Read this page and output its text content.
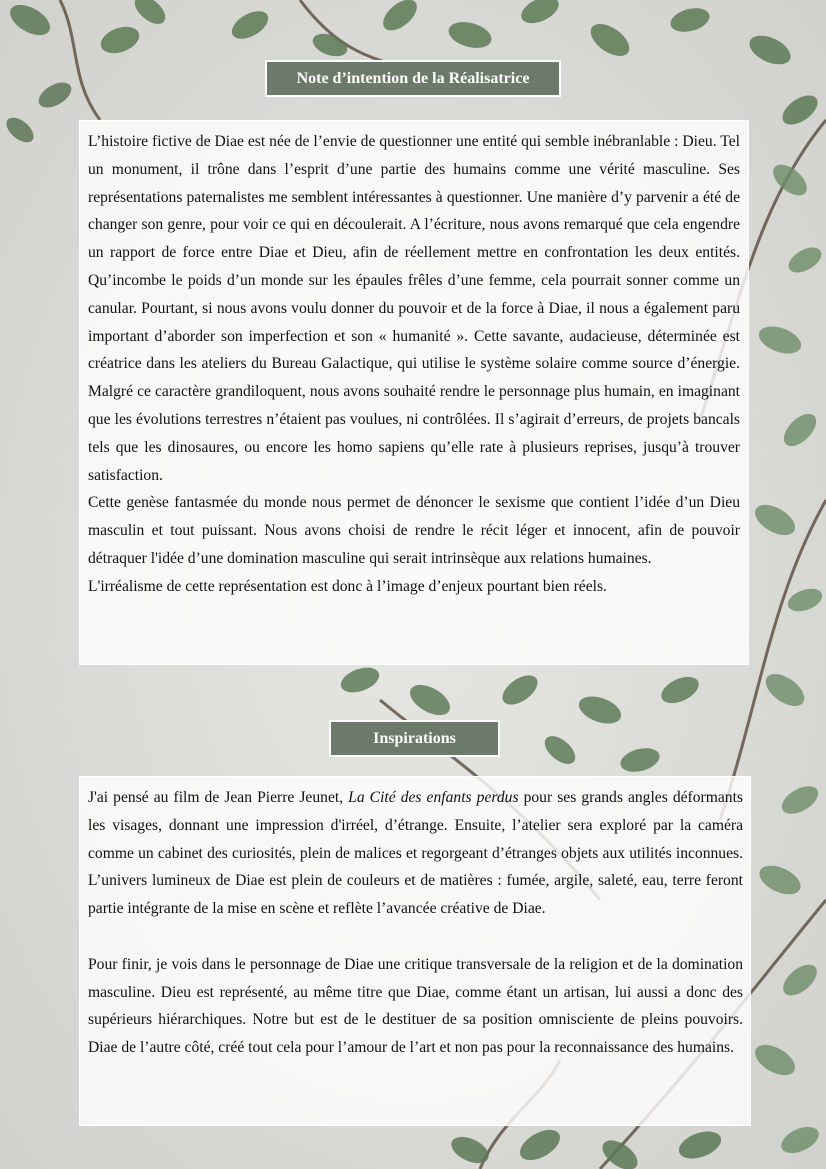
Note d’intention de la Réalisatrice

L’histoire fictive de Diae est née de l’envie de questionner une entité qui semble inébranlable : Dieu. Tel un monument, il trône dans l’esprit d’une partie des humains comme une vérité masculine. Ses représentations paternalistes me semblent intéressantes à questionner. Une manière d’y parvenir a été de changer son genre, pour voir ce qui en découlerait. A l’écriture, nous avons remarqué que cela engendre un rapport de force entre Diae et Dieu, afin de réellement mettre en confrontation les deux entités. Qu’incombe le poids d’un monde sur les épaules frêles d’une femme, cela pourrait sonner comme un canular. Pourtant, si nous avons voulu donner du pouvoir et de la force à Diae, il nous a également paru important d’aborder son imperfection et son « humanité ». Cette savante, audacieuse, déterminée est créatrice dans les ateliers du Bureau Galactique, qui utilise le système solaire comme source d’énergie. Malgré ce caractère grandiloquent, nous avons souhaité rendre le personnage plus humain, en imaginant que les évolutions terrestres n’étaient pas voulues, ni contrôlées. Il s’agirait d’erreurs, de projets bancals tels que les dinosaures, ou encore les homo sapiens qu’elle rate à plusieurs reprises, jusqu’à trouver satisfaction.

Cette genèse fantasmée du monde nous permet de dénoncer le sexisme que contient l’idée d’un Dieu masculin et tout puissant. Nous avons choisi de rendre le récit léger et innocent, afin de pouvoir détraquer l'idée d’une domination masculine qui serait intrinsèque aux relations humaines.

L'irréalisme de cette représentation est donc à l’image d’enjeux pourtant bien réels.

Inspirations

J'ai pensé au film de Jean Pierre Jeunet, La Cité des enfants perdus pour ses grands angles déformants les visages, donnant une impression d'irréel, d’étrange. Ensuite, l’atelier sera exploré par la caméra comme un cabinet des curiosités, plein de malices et regorgeant d’étranges objets aux utilités inconnues. L’univers lumineux de Diae est plein de couleurs et de matières : fumée, argile, saleté, eau, terre feront partie intégrante de la mise en scène et reflète l’avancée créative de Diae.

Pour finir, je vois dans le personnage de Diae une critique transversale de la religion et de la domination masculine. Dieu est représenté, au même titre que Diae, comme étant un artisan, lui aussi a donc des supérieurs hiérarchiques. Notre but est de le destituer de sa position omnisciente de pleins pouvoirs. Diae de l’autre côté, créé tout cela pour l’amour de l’art et non pas pour la reconnaissance des humains.
